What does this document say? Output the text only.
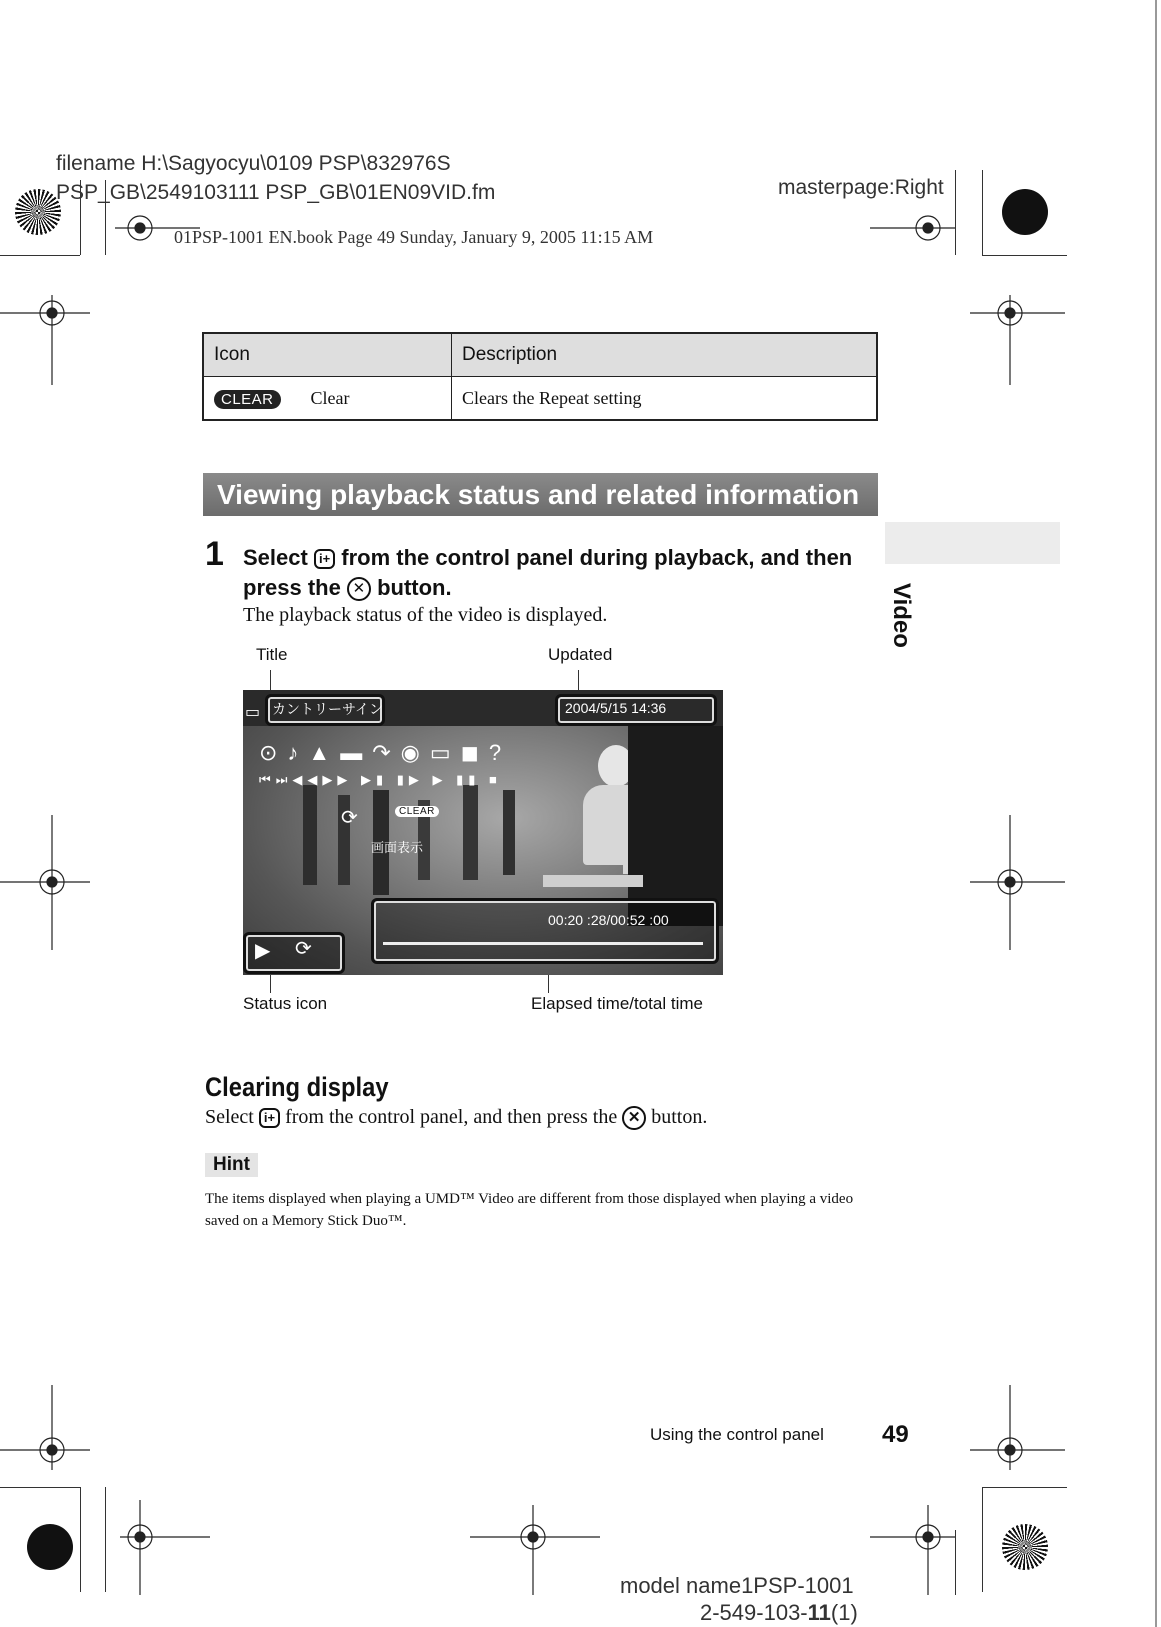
filename H:\Sagyocyu\0109 PSP\832976S
PSP_GB\2549103111 PSP_GB\01EN09VID.fm	masterpage:Right
01PSP-1001 EN.book Page 49 Sunday, January 9, 2005 11:15 AM
Icon	Description
CLEAR Clear	Clears the Repeat setting
Viewing playback status and related information i+
Video
1 Select i+ from the control panel during playback, and then
press the ✕ button.
The playback status of the video is displayed.
Title	Updated
▭ カントリーサイン	2004/5/15 14:36
⊙♪▲▬↷◉▭◼?
⏮⏭◀◀▶▶ ▶▮ ▮▶ ▶ ▮▮ ■
⟳	CLEAR
画面表示
▶ ⟳
00:20 :28/00:52 :00
Status icon	Elapsed time/total time
Clearing display
Select i+ from the control panel, and then press the ✕ button.
Hint
The items displayed when playing a UMD™ Video are different from those displayed when playing a video saved on a Memory Stick Duo™.
Using the control panel 49
model name1PSP-1001
2-549-103-11(1)
